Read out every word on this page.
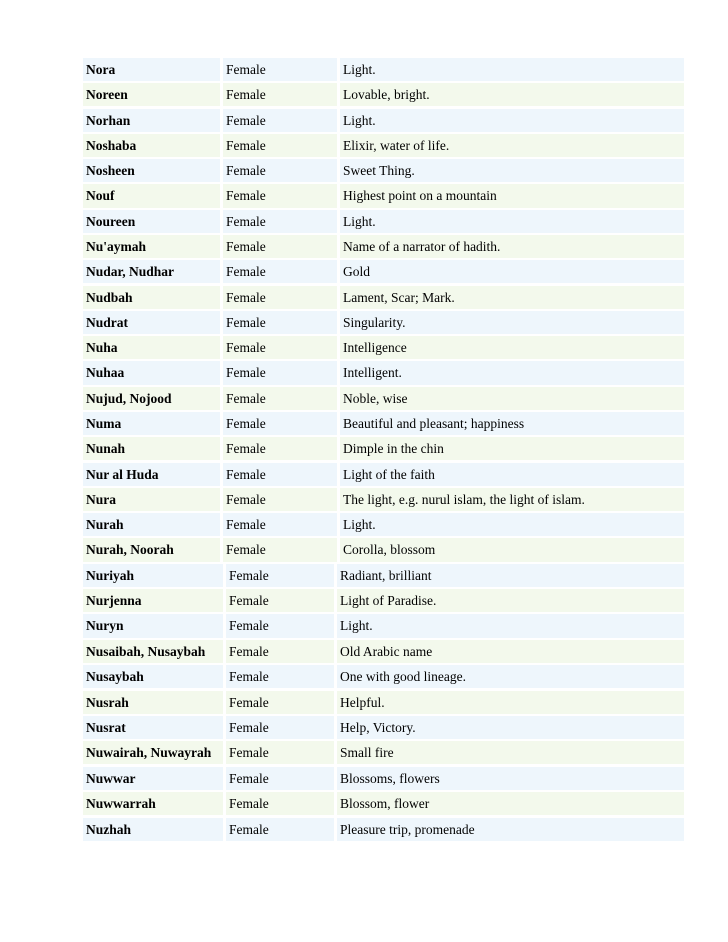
Nora	Female	Light.
Noreen	Female	Lovable, bright.
Norhan	Female	Light.
Noshaba	Female	Elixir, water of life.
Nosheen	Female	Sweet Thing.
Nouf	Female	Highest point on a mountain
Noureen	Female	Light.
Nu'aymah	Female	Name of a narrator of hadith.
Nudar, Nudhar	Female	Gold
Nudbah	Female	Lament, Scar; Mark.
Nudrat	Female	Singularity.
Nuha	Female	Intelligence
Nuhaa	Female	Intelligent.
Nujud, Nojood	Female	Noble, wise
Numa	Female	Beautiful and pleasant; happiness
Nunah	Female	Dimple in the chin
Nur al Huda	Female	Light of the faith
Nura	Female	The light, e.g. nurul islam, the light of islam.
Nurah	Female	Light.
Nurah, Noorah	Female	Corolla, blossom
Nuriyah	Female	Radiant, brilliant
Nurjenna	Female	Light of Paradise.
Nuryn	Female	Light.
Nusaibah, Nusaybah	Female	Old Arabic name
Nusaybah	Female	One with good lineage.
Nusrah	Female	Helpful.
Nusrat	Female	Help, Victory.
Nuwairah, Nuwayrah	Female	Small fire
Nuwwar	Female	Blossoms, flowers
Nuwwarrah	Female	Blossom, flower
Nuzhah	Female	Pleasure trip, promenade
